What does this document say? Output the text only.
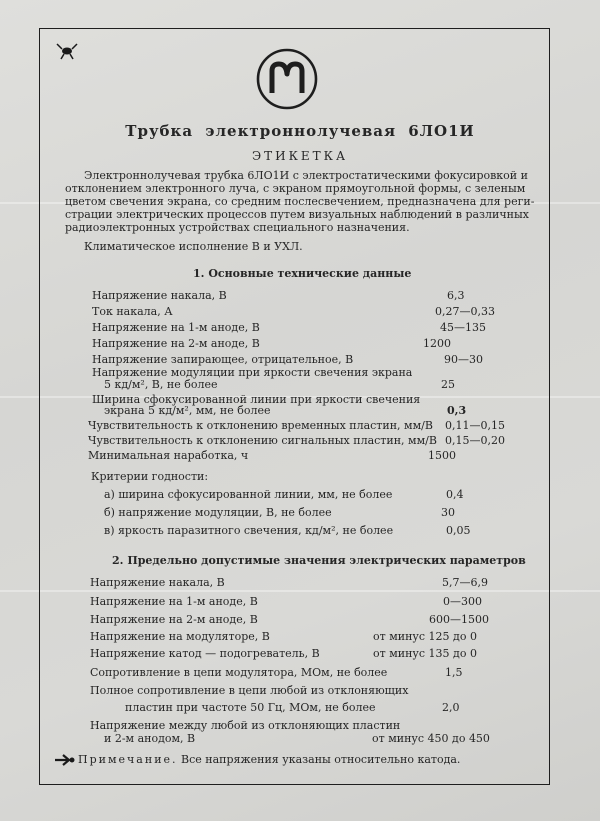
Трубка электроннолучевая 6ЛО1И
ЭТИКЕТКА
Электроннолучевая трубка 6ЛО1И с электростатическими фокусировкой и
отклонением электронного луча, с экраном прямоугольной формы, с зеленым
цветом свечения экрана, со средним послесвечением, предназначена для реги-
страции электрических процессов путем визуальных наблюдений в различных
радиоэлектронных устройствах специального назначения.
Климатическое исполнение В и УХЛ.
1. Основные технические данные
Напряжение накала, В	6,3
Ток накала, А	0,27—0,33
Напряжение на 1-м аноде, В	45—135
Напряжение на 2-м аноде, В	1200
Напряжение запирающее, отрицательное, В	90—30
Напряжение модуляции при яркости свечения экрана
5 кд/м², В, не более	25
Ширина сфокусированной линии при яркости свечения
экрана 5 кд/м², мм, не более	0,3
Чувствительность к отклонению временных пластин, мм/В 0,11—0,15
Чувствительность к отклонению сигнальных пластин, мм/В 0,15—0,20
Минимальная наработка, ч	1500
Критерии годности:
а) ширина сфокусированной линии, мм, не более	0,4
б) напряжение модуляции, В, не более	30
в) яркость паразитного свечения, кд/м², не более	0,05
2. Предельно допустимые значения электрических параметров
Напряжение накала, В	5,7—6,9
Напряжение на 1-м аноде, В	0—300
Напряжение на 2-м аноде, В	600—1500
Напряжение на модуляторе, В	от минус 125 до 0
Напряжение катод — подогреватель, В	от минус 135 до 0
Сопротивление в цепи модулятора, МОм, не более	1,5
Полное сопротивление в цепи любой из отклоняющих
пластин при частоте 50 Гц, МОм, не более	2,0
Напряжение между любой из отклоняющих пластин
и 2-м анодом, В	от минус 450 до 450
Примечание. Все напряжения указаны относительно катода.
